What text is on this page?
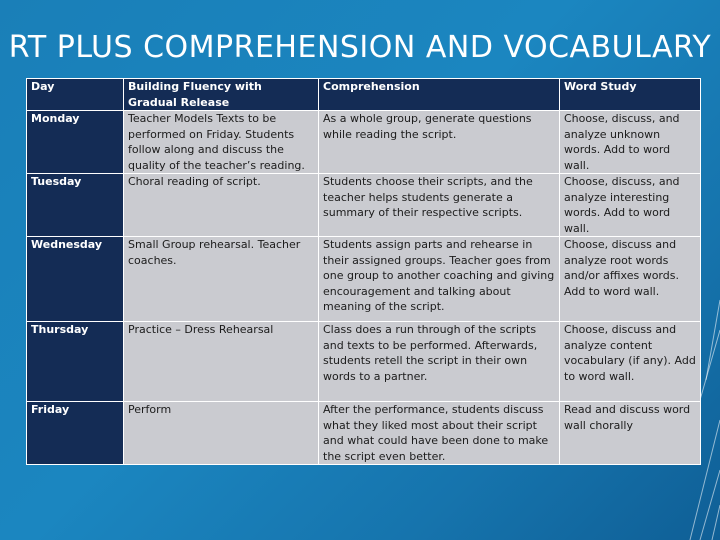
RT PLUS COMPREHENSION AND VOCABULARY
Day	Building Fluency with Gradual Release	Comprehension	Word Study
Monday	Teacher Models Texts to be performed on Friday. Students follow along and discuss the quality of the teacher’s reading.	As a whole group, generate questions while reading the script.	Choose, discuss, and analyze unknown words. Add to word wall.
Tuesday	Choral reading of script.	Students choose their scripts, and the teacher helps students generate a summary of their respective scripts.	Choose, discuss, and analyze interesting words. Add to word wall.
Wednesday	Small Group rehearsal. Teacher coaches.	Students assign parts and rehearse in their assigned groups. Teacher goes from one group to another coaching and giving encouragement and talking about meaning of the script.	Choose, discuss and analyze root words and/or affixes words. Add to word wall.
Thursday	Practice – Dress Rehearsal	Class does a run through of the scripts and texts to be performed. Afterwards, students retell the script in their own words to a partner.	Choose, discuss and analyze content vocabulary (if any). Add to word wall.
Friday	Perform	After the performance, students discuss what they liked most about their script and what could have been done to make the script even better.	Read and discuss word wall chorally
